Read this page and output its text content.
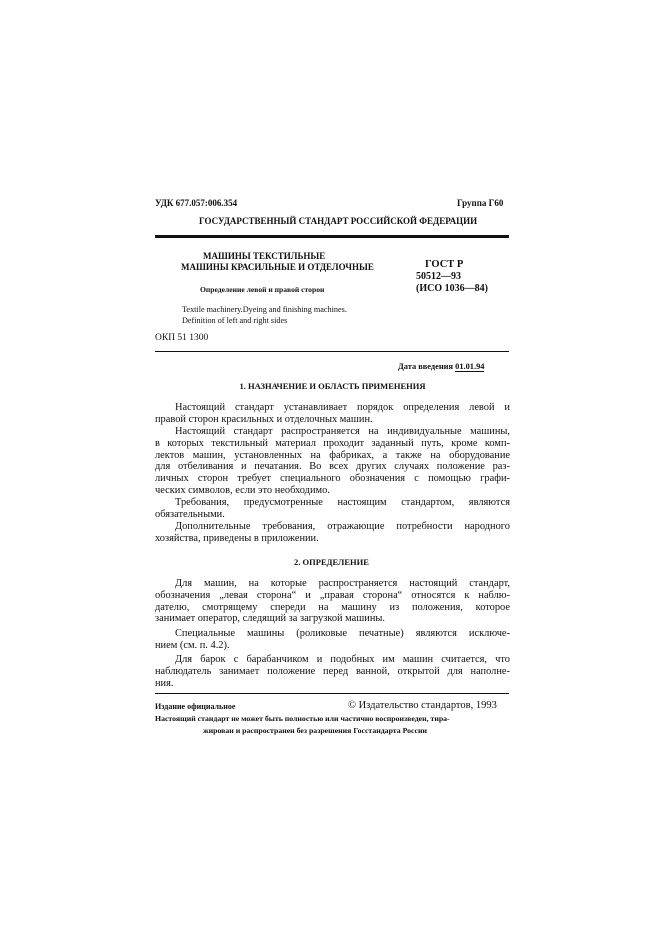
УДК 677.057:006.354	Группа Г60
ГОСУДАРСТВЕННЫЙ СТАНДАРТ РОССИЙСКОЙ ФЕДЕРАЦИИ
МАШИНЫ ТЕКСТИЛЬНЫЕ
МАШИНЫ КРАСИЛЬНЫЕ И ОТДЕЛОЧНЫЕ
Определение левой и правой сторон
Textile machinery.Dyeing and finishing machines.
Definition of left and right sides
ГОСТ Р
50512—93
(ИСО 1036—84)
ОКП 51 1300
Дата введения 01.01.94
1. НАЗНАЧЕНИЕ И ОБЛАСТЬ ПРИМЕНЕНИЯ
Настоящий стандарт устанавливает порядок определения левой и
правой сторон красильных и отделочных машин.
Настоящий стандарт распространяется на индивидуальные машины,
в которых текстильный материал проходит заданный путь, кроме комп-
лектов машин, установленных на фабриках, а также на оборудование
для отбеливания и печатания. Во всех других случаях положение раз-
личных сторон требует специального обозначения с помощью графи-
ческих символов, если это необходимо.
Требования, предусмотренные настоящим стандартом, являются
обязательными.
Дополнительные требования, отражающие потребности народного
хозяйства, приведены в приложении.
2. ОПРЕДЕЛЕНИЕ
Для машин, на которые распространяется настоящий стандарт,
обозначения „левая сторона“ и „правая сторона“ относятся к наблю-
дателю, смотрящему спереди на машину из положения, которое
занимает оператор, следящий за загрузкой машины.
Специальные машины (роликовые печатные) являются исключе-
нием (см. п. 4.2).
Для барок с барабанчиком и подобных им машин считается, что
наблюдатель занимает положение перед ванной, открытой для наполне-
ния.
Издание официальное	© Издательство стандартов, 1993
Настоящий стандарт не может быть полностью или частично воспроизведен, тира-
жирован и распространен без разрешения Госстандарта России
